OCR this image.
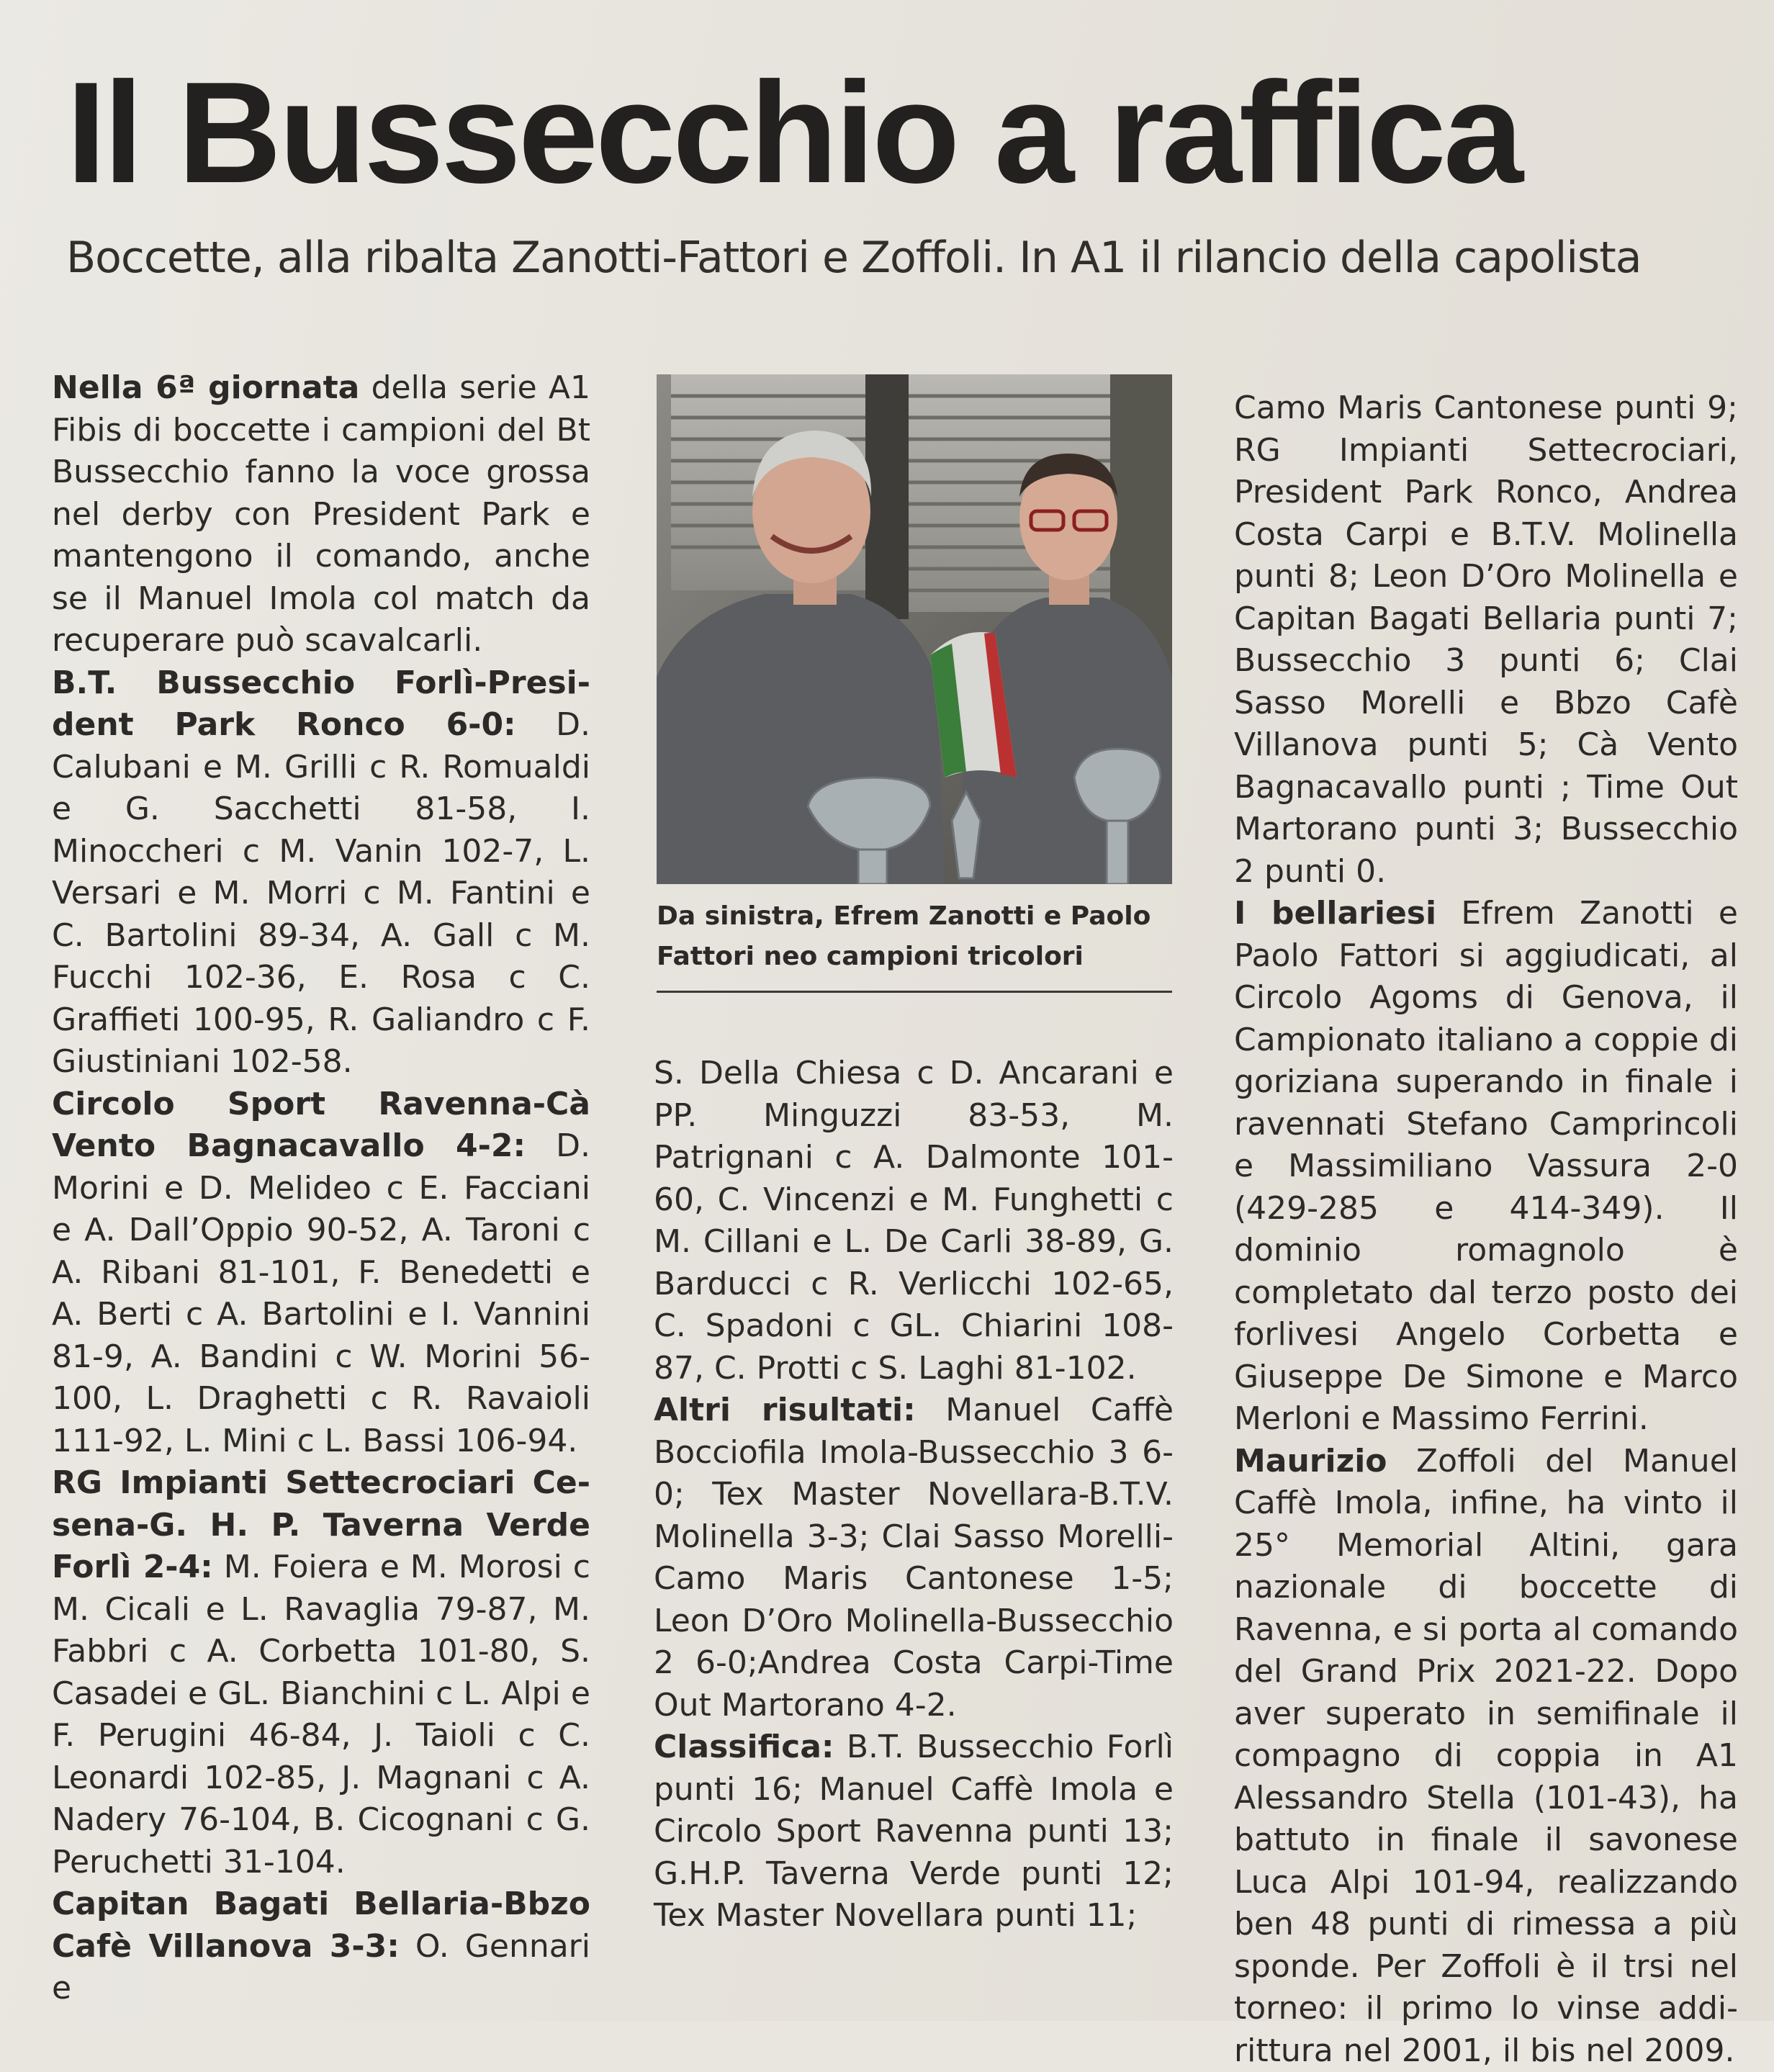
Il Bussecchio a raffica
Boccette, alla ribalta Zanotti-Fattori e Zoffoli. In A1 il rilancio della capolista

Nella 6ª giornata della serie A1 Fibis di boccette i campioni del Bt Bussecchio fanno la voce grossa nel derby con President Park e mantengono il comando, anche se il Manuel Imola col match da recuperare può scavalcarli.

B.T. Bussecchio Forlì-President Park Ronco 6-0: D. Calubani e M. Grilli c R. Romualdi e G. Sacchetti 81-58, I. Minoccheri c M. Vanin 102-7, L. Versari e M. Morri c M. Fantini e C. Bartolini 89-34, A. Gall c M. Fucchi 102-36, E. Rosa c C. Graffieti 100-95, R. Galiandro c F. Giustiniani 102-58.

Circolo Sport Ravenna-Cà Vento Bagnacavallo 4-2: D. Morini e D. Melideo c E. Facciani e A. Dall’Oppio 90-52, A. Taroni c A. Ribani 81-101, F. Benedetti e A. Berti c A. Bartolini e I. Vannini 81-9, A. Bandini c W. Morini 56-100, L. Draghetti c R. Ravaioli 111-92, L. Mini c L. Bassi 106-94.

RG Impianti Settecrociari Cesena-G. H. P. Taverna Verde Forlì 2-4: M. Foiera e M. Morosi c M. Cicali e L. Ravaglia 79-87, M. Fabbri c A. Corbetta 101-80, S. Casadei e GL. Bianchini c L. Alpi e F. Perugini 46-84, J. Taioli c C. Leonardi 102-85, J. Magnani c A. Nadery 76-104, B. Cicognani c G. Peruchetti 31-104.

Capitan Bagati Bellaria-Bbzo Cafè Villanova 3-3: O. Gennari e

Da sinistra, Efrem Zanotti e Paolo Fattori neo campioni tricolori

S. Della Chiesa c D. Ancarani e PP. Minguzzi 83-53, M. Patrignani c A. Dalmonte 101-60, C. Vincenzi e M. Funghetti c M. Cillani e L. De Carli 38-89, G. Barducci c R. Verlicchi 102-65, C. Spadoni c GL. Chiarini 108-87, C. Protti c S. Laghi 81-102.

Altri risultati: Manuel Caffè Bocciofila Imola-Bussecchio 3 6-0; Tex Master Novellara-B.T.V. Molinella 3-3; Clai Sasso Morelli-Camo Maris Cantonese 1-5; Leon D’Oro Molinella-Bussecchio 2 6-0;Andrea Costa Carpi-Time Out Martorano 4-2.

Classifica: B.T. Bussecchio Forlì punti 16; Manuel Caffè Imola e Circolo Sport Ravenna punti 13; G.H.P. Taverna Verde punti 12; Tex Master Novellara punti 11;

Camo Maris Cantonese punti 9; RG Impianti Settecrociari, President Park Ronco, Andrea Costa Carpi e B.T.V. Molinella punti 8; Leon D’Oro Molinella e Capitan Bagati Bellaria punti 7; Bussecchio 3 punti 6; Clai Sasso Morelli e Bbzo Cafè Villanova punti 5; Cà Vento Bagnacavallo punti ; Time Out Martorano punti 3; Bussecchio 2 punti 0.

I bellariesi Efrem Zanotti e Paolo Fattori si aggiudicati, al Circolo Agoms di Genova, il Campionato italiano a coppie di goriziana superando in finale i ravennati Stefano Camprincoli e Massimiliano Vassura 2-0 (429-285 e 414-349). Il dominio romagnolo è completato dal terzo posto dei forlivesi Angelo Corbetta e Giuseppe De Simone e Marco Merloni e Massimo Ferrini.

Maurizio Zoffoli del Manuel Caffè Imola, infine, ha vinto il 25° Memorial Altini, gara nazionale di boccette di Ravenna, e si porta al comando del Grand Prix 2021-22. Dopo aver superato in semifinale il compagno di coppia in A1 Alessandro Stella (101-43), ha battuto in finale il savonese Luca Alpi 101-94, realizzando ben 48 punti di rimessa a più sponde. Per Zoffoli è il trsi nel torneo: il primo lo vinse addirittura nel 2001, il bis nel 2009.
